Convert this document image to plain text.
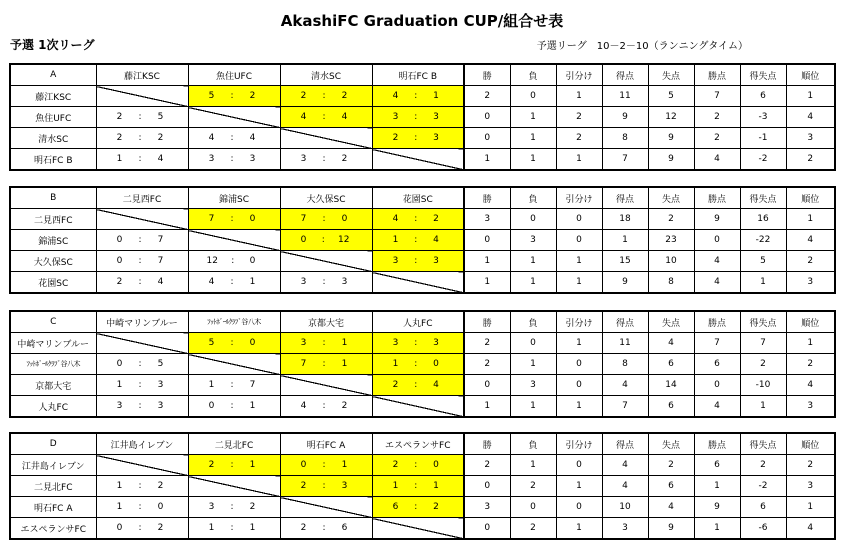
AkashiFC Graduation CUP/組合せ表
予選 1次リーグ	予選リーグ　10－2－10（ランニングタイム）
A	藤江KSC	魚住UFC	清水SC	明石FC B	勝	負	引分け	得点	失点	勝点	得失点	順位
藤江KSC		5 : 2	2 : 2	4 : 1	2	0	1	11	5	7	6	1
魚住UFC	2 : 5		4 : 4	3 : 3	0	1	2	9	12	2	-3	4
清水SC	2 : 2	4 : 4		2 : 3	0	1	2	8	9	2	-1	3
明石FC B	1 : 4	3 : 3	3 : 2		1	1	1	7	9	4	-2	2
B	二見西FC	錦浦SC	大久保SC	花園SC	勝	負	引分け	得点	失点	勝点	得失点	順位
二見西FC		7 : 0	7 : 0	4 : 2	3	0	0	18	2	9	16	1
錦浦SC	0 : 7		0 : 12	1 : 4	0	3	0	1	23	0	-22	4
大久保SC	0 : 7	12 : 0		3 : 3	1	1	1	15	10	4	5	2
花園SC	2 : 4	4 : 1	3 : 3		1	1	1	9	8	4	1	3
C	中崎マリンブルー	ﾌｯﾄﾎﾞｰﾙｸﾗﾌﾞ谷八木	京都大宅	人丸FC	勝	負	引分け	得点	失点	勝点	得失点	順位
中崎マリンブルー		5 : 0	3 : 1	3 : 3	2	0	1	11	4	7	7	1
ﾌｯﾄﾎﾞｰﾙｸﾗﾌﾞ谷八木	0 : 5		7 : 1	1 : 0	2	1	0	8	6	6	2	2
京都大宅	1 : 3	1 : 7		2 : 4	0	3	0	4	14	0	-10	4
人丸FC	3 : 3	0 : 1	4 : 2		1	1	1	7	6	4	1	3
D	江井島イレブン	二見北FC	明石FC A	エスペランサFC	勝	負	引分け	得点	失点	勝点	得失点	順位
江井島イレブン		2 : 1	0 : 1	2 : 0	2	1	0	4	2	6	2	2
二見北FC	1 : 2		2 : 3	1 : 1	0	2	1	4	6	1	-2	3
明石FC A	1 : 0	3 : 2		6 : 2	3	0	0	10	4	9	6	1
エスペランサFC	0 : 2	1 : 1	2 : 6		0	2	1	3	9	1	-6	4
